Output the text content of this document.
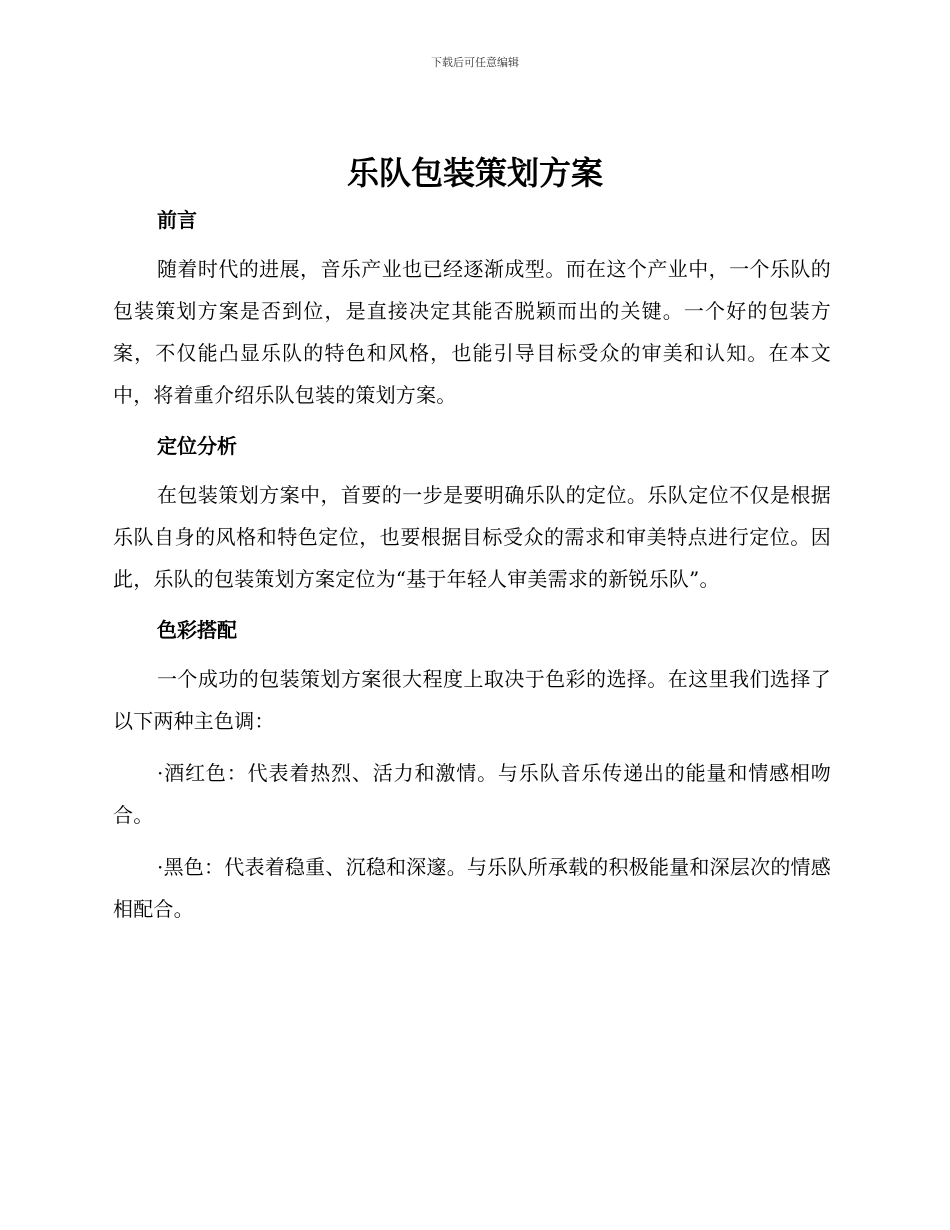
下载后可任意编辑
乐队包装策划方案
前言

随着时代的进展，音乐产业也已经逐渐成型。而在这个产业中，一个乐队的包装策划方案是否到位，是直接决定其能否脱颖而出的关键。一个好的包装方案，不仅能凸显乐队的特色和风格，也能引导目标受众的审美和认知。在本文中，将着重介绍乐队包装的策划方案。

定位分析

在包装策划方案中，首要的一步是要明确乐队的定位。乐队定位不仅是根据乐队自身的风格和特色定位，也要根据目标受众的需求和审美特点进行定位。因此，乐队的包装策划方案定位为“基于年轻人审美需求的新锐乐队”。

色彩搭配

一个成功的包装策划方案很大程度上取决于色彩的选择。在这里我们选择了以下两种主色调：

·酒红色：代表着热烈、活力和激情。与乐队音乐传递出的能量和情感相吻合。

·黑色：代表着稳重、沉稳和深邃。与乐队所承载的积极能量和深层次的情感相配合。
